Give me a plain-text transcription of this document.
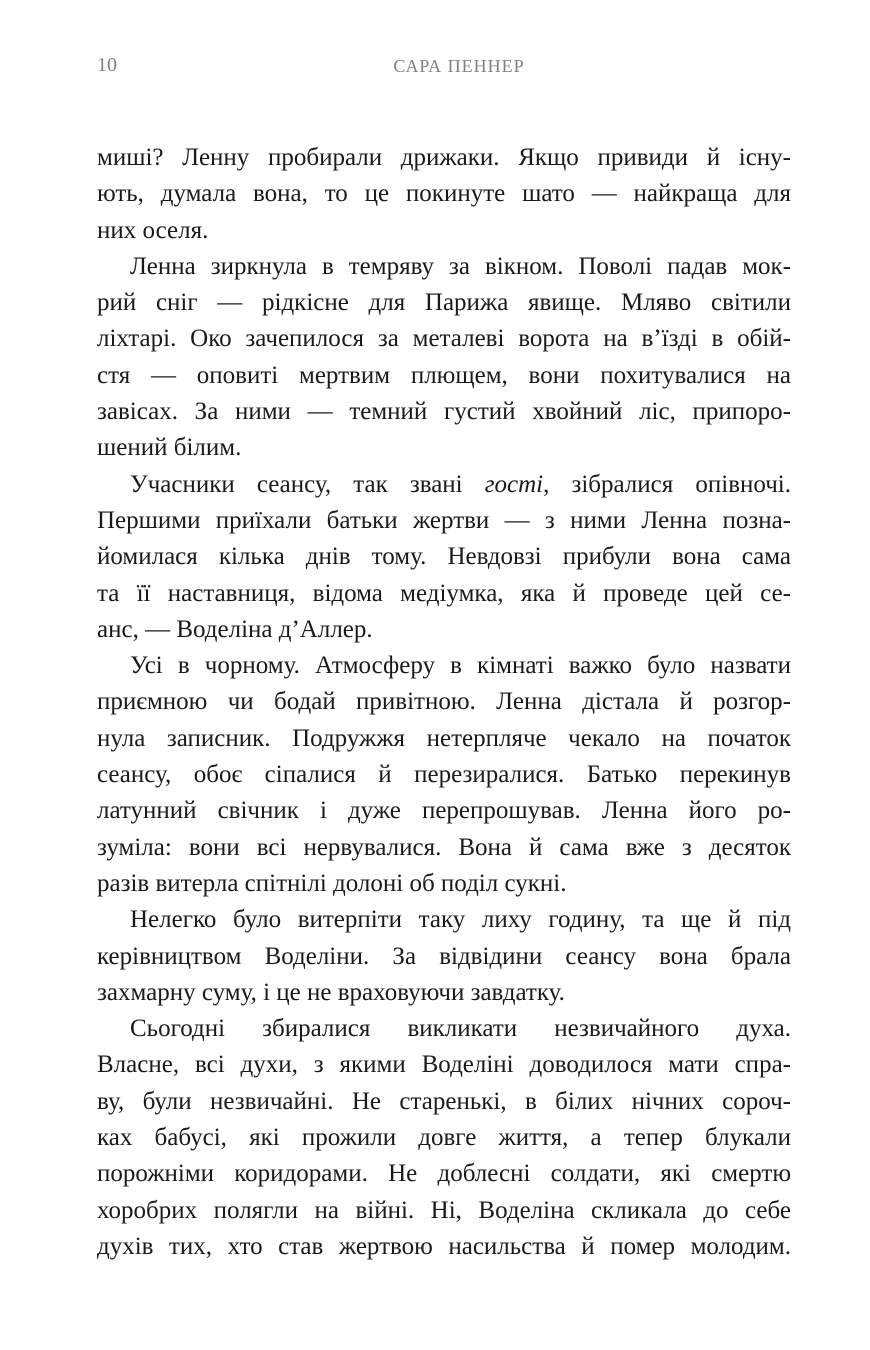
10	САРА ПЕННЕР
миші? Ленну пробирали дрижаки. Якщо привиди й існу-
ють, думала вона, то це покинуте шато — найкраща для
них оселя.
Ленна зиркнула в темряву за вікном. Поволі падав мок-
рий сніг — рідкісне для Парижа явище. Мляво світили
ліхтарі. Око зачепилося за металеві ворота на в’їзді в обій-
стя — оповиті мертвим плющем, вони похитувалися на
завісах. За ними — темний густий хвойний ліс, припоро-
шений білим.
Учасники сеансу, так звані гості, зібралися опівночі.
Першими приїхали батьки жертви — з ними Ленна позна-
йомилася кілька днів тому. Невдовзі прибули вона сама
та її наставниця, відома медіумка, яка й проведе цей се-
анс, — Воделіна д’Аллер.
Усі в чорному. Атмосферу в кімнаті важко було назвати
приємною чи бодай привітною. Ленна дістала й розгор-
нула записник. Подружжя нетерпляче чекало на початок
сеансу, обоє сіпалися й перезиралися. Батько перекинув
латунний свічник і дуже перепрошував. Ленна його ро-
зуміла: вони всі нервувалися. Вона й сама вже з десяток
разів витерла спітнілі долоні об поділ сукні.
Нелегко було витерпіти таку лиху годину, та ще й під
керівництвом Воделіни. За відвідини сеансу вона брала
захмарну суму, і це не враховуючи завдатку.
Сьогодні збиралися викликати незвичайного духа.
Власне, всі духи, з якими Воделіні доводилося мати спра-
ву, були незвичайні. Не старенькі, в білих нічних сороч-
ках бабусі, які прожили довге життя, а тепер блукали
порожніми коридорами. Не доблесні солдати, які смертю
хоробрих полягли на війні. Ні, Воделіна скликала до себе
духів тих, хто став жертвою насильства й помер молодим.
